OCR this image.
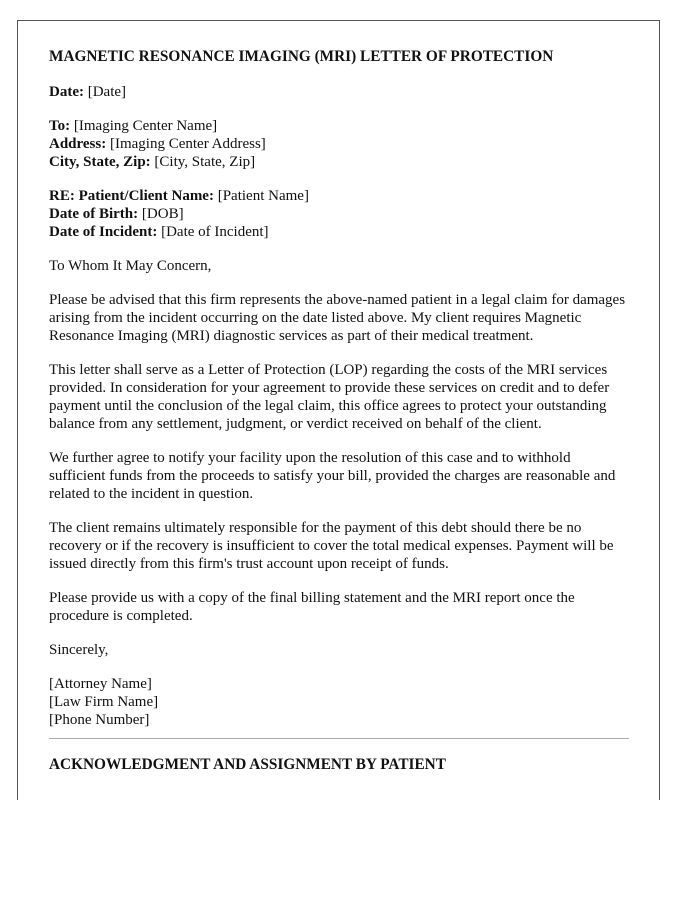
MAGNETIC RESONANCE IMAGING (MRI) LETTER OF PROTECTION
Date: [Date]
To: [Imaging Center Name]
Address: [Imaging Center Address]
City, State, Zip: [City, State, Zip]
RE: Patient/Client Name: [Patient Name]
Date of Birth: [DOB]
Date of Incident: [Date of Incident]

To Whom It May Concern,

Please be advised that this firm represents the above-named patient in a legal claim for damages arising from the incident occurring on the date listed above. My client requires Magnetic Resonance Imaging (MRI) diagnostic services as part of their medical treatment.

This letter shall serve as a Letter of Protection (LOP) regarding the costs of the MRI services provided. In consideration for your agreement to provide these services on credit and to defer payment until the conclusion of the legal claim, this office agrees to protect your outstanding balance from any settlement, judgment, or verdict received on behalf of the client.

We further agree to notify your facility upon the resolution of this case and to withhold sufficient funds from the proceeds to satisfy your bill, provided the charges are reasonable and related to the incident in question.

The client remains ultimately responsible for the payment of this debt should there be no recovery or if the recovery is insufficient to cover the total medical expenses. Payment will be issued directly from this firm's trust account upon receipt of funds.

Please provide us with a copy of the final billing statement and the MRI report once the procedure is completed.

Sincerely,

[Attorney Name]
[Law Firm Name]
[Phone Number]
ACKNOWLEDGMENT AND ASSIGNMENT BY PATIENT
